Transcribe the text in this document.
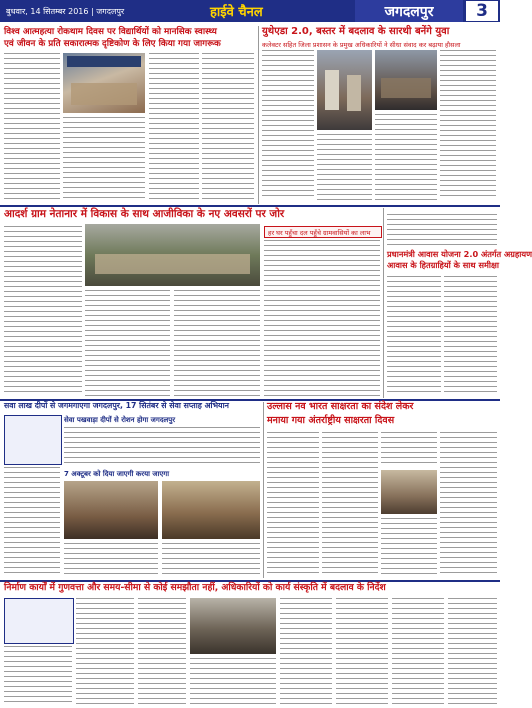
बुधवार, 14 सितम्बर 2016 | जगदलपुर	हाईवे चैनल	जगदलपुर	3
विश्व आत्महत्या रोकथाम दिवस पर विद्यार्थियों को मानसिक स्वास्थ्य
एवं जीवन के प्रति सकारात्मक दृष्टिकोण के लिए किया गया जागरूक
युथेएडा 2.0, बस्तर में बदलाव के सारथी बनेंगे युवा
कलेक्टर सहित जिला प्रशासन के प्रमुख अधिकारियों ने सीधा संवाद कर बढ़ाया हौसला
आदर्श ग्राम नेतानार में विकास के साथ आजीविका के नए अवसरों पर जोर
हर घर पहुँचा दल पहुँचे ग्रामवासियों का लाभ
प्रधानमंत्री आवास योजना 2.0 अंतर्गत अग्रहायण
आवास के हितग्राहियों के साथ समीक्षा
सवा लाख दीपों से जगमगाएगा जगदलपुर, 17 सितंबर से सेवा सप्ताह अभियान
सेवा पखवाड़ा दीपों से रोशन होगा जगदलपुर
7 अक्टूबर को दिया जाएगी करया जाएगा
उल्लास नव भारत साक्षरता का संदेश लेकर
मनाया गया अंतर्राष्ट्रीय साक्षरता दिवस
निर्माण कार्यों में गुणवत्ता और समय-सीमा से कोई समझौता नहीं, अधिकारियों को कार्य संस्कृति में बदलाव के निर्देश
